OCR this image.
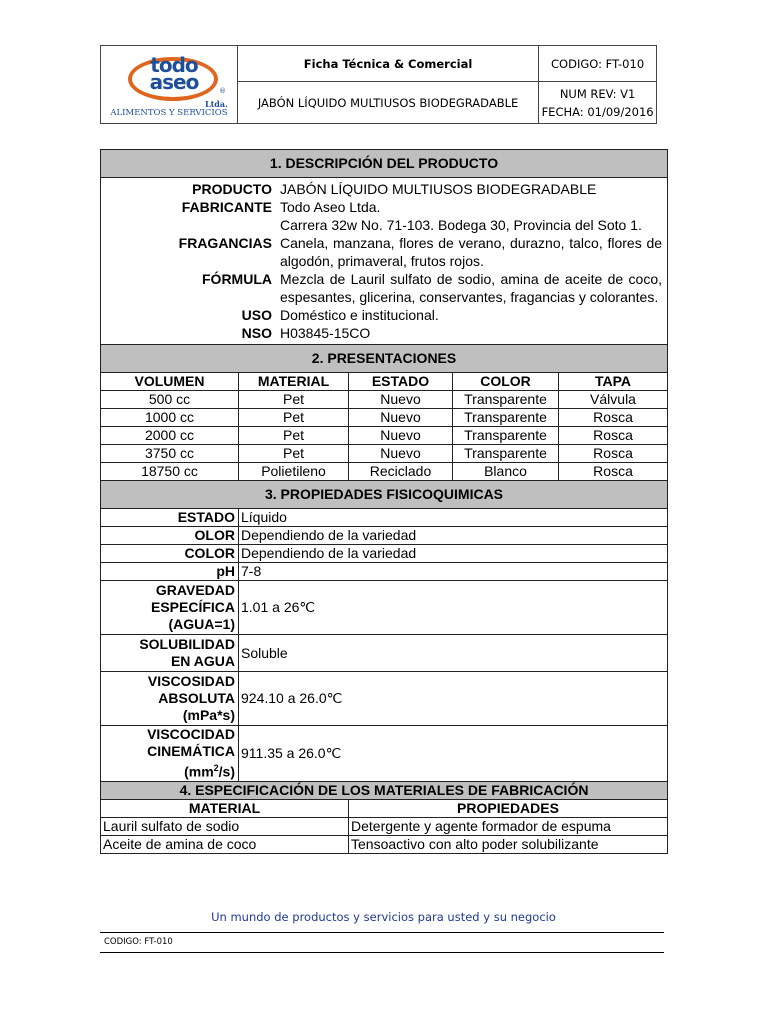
todo
aseo ®
Ltda.
ALIMENTOS Y SERVICIOS	Ficha Técnica & Comercial	CODIGO: FT-010
	JABÓN LÍQUIDO MULTIUSOS BIODEGRADABLE	NUM REV: V1
FECHA: 01/09/2016
1. DESCRIPCIÓN DEL PRODUCTO

PRODUCTO	JABÓN LÍQUIDO MULTIUSOS BIODEGRADABLE
FABRICANTE	Todo Aseo Ltda.
Carrera 32w No. 71-103. Bodega 30, Provincia del Soto 1.

FRAGANCIAS	Canela, manzana, flores de verano, durazno, talco, flores de algodón, primaveral, frutos rojos.
FÓRMULA	Mezcla de Lauril sulfato de sodio, amina de aceite de coco, espesantes, glicerina, conservantes, fragancias y colorantes.
USO	Doméstico e institucional.
NSO	H03845-15CO

2. PRESENTACIONES
VOLUMEN	MATERIAL	ESTADO	COLOR	TAPA
500 cc	Pet	Nuevo	Transparente	Válvula
1000 cc	Pet	Nuevo	Transparente	Rosca
2000 cc	Pet	Nuevo	Transparente	Rosca
3750 cc	Pet	Nuevo	Transparente	Rosca
18750 cc	Polietileno	Reciclado	Blanco	Rosca
3. PROPIEDADES FISICOQUIMICAS
ESTADO	Líquido
OLOR	Dependiendo de la variedad
COLOR	Dependiendo de la variedad
pH	7-8

GRAVEDAD
ESPECÍFICA
(AGUA=1)
	1.01 a 26℃

SOLUBILIDAD
EN AGUA
	Soluble

VISCOSIDAD
ABSOLUTA
(mPa*s)
	924.10 a 26.0℃

VISCOCIDAD
CINEMÁTICA
$(mm^2/s)$
	911.35 a 26.0℃
4. ESPECIFICACIÓN DE LOS MATERIALES DE FABRICACIÓN
MATERIAL	PROPIEDADES
Lauril sulfato de sodio	Detergente y agente formador de espuma
Aceite de amina de coco	Tensoactivo con alto poder solubilizante
Un mundo de productos y servicios para usted y su negocio
CODIGO: FT-010
